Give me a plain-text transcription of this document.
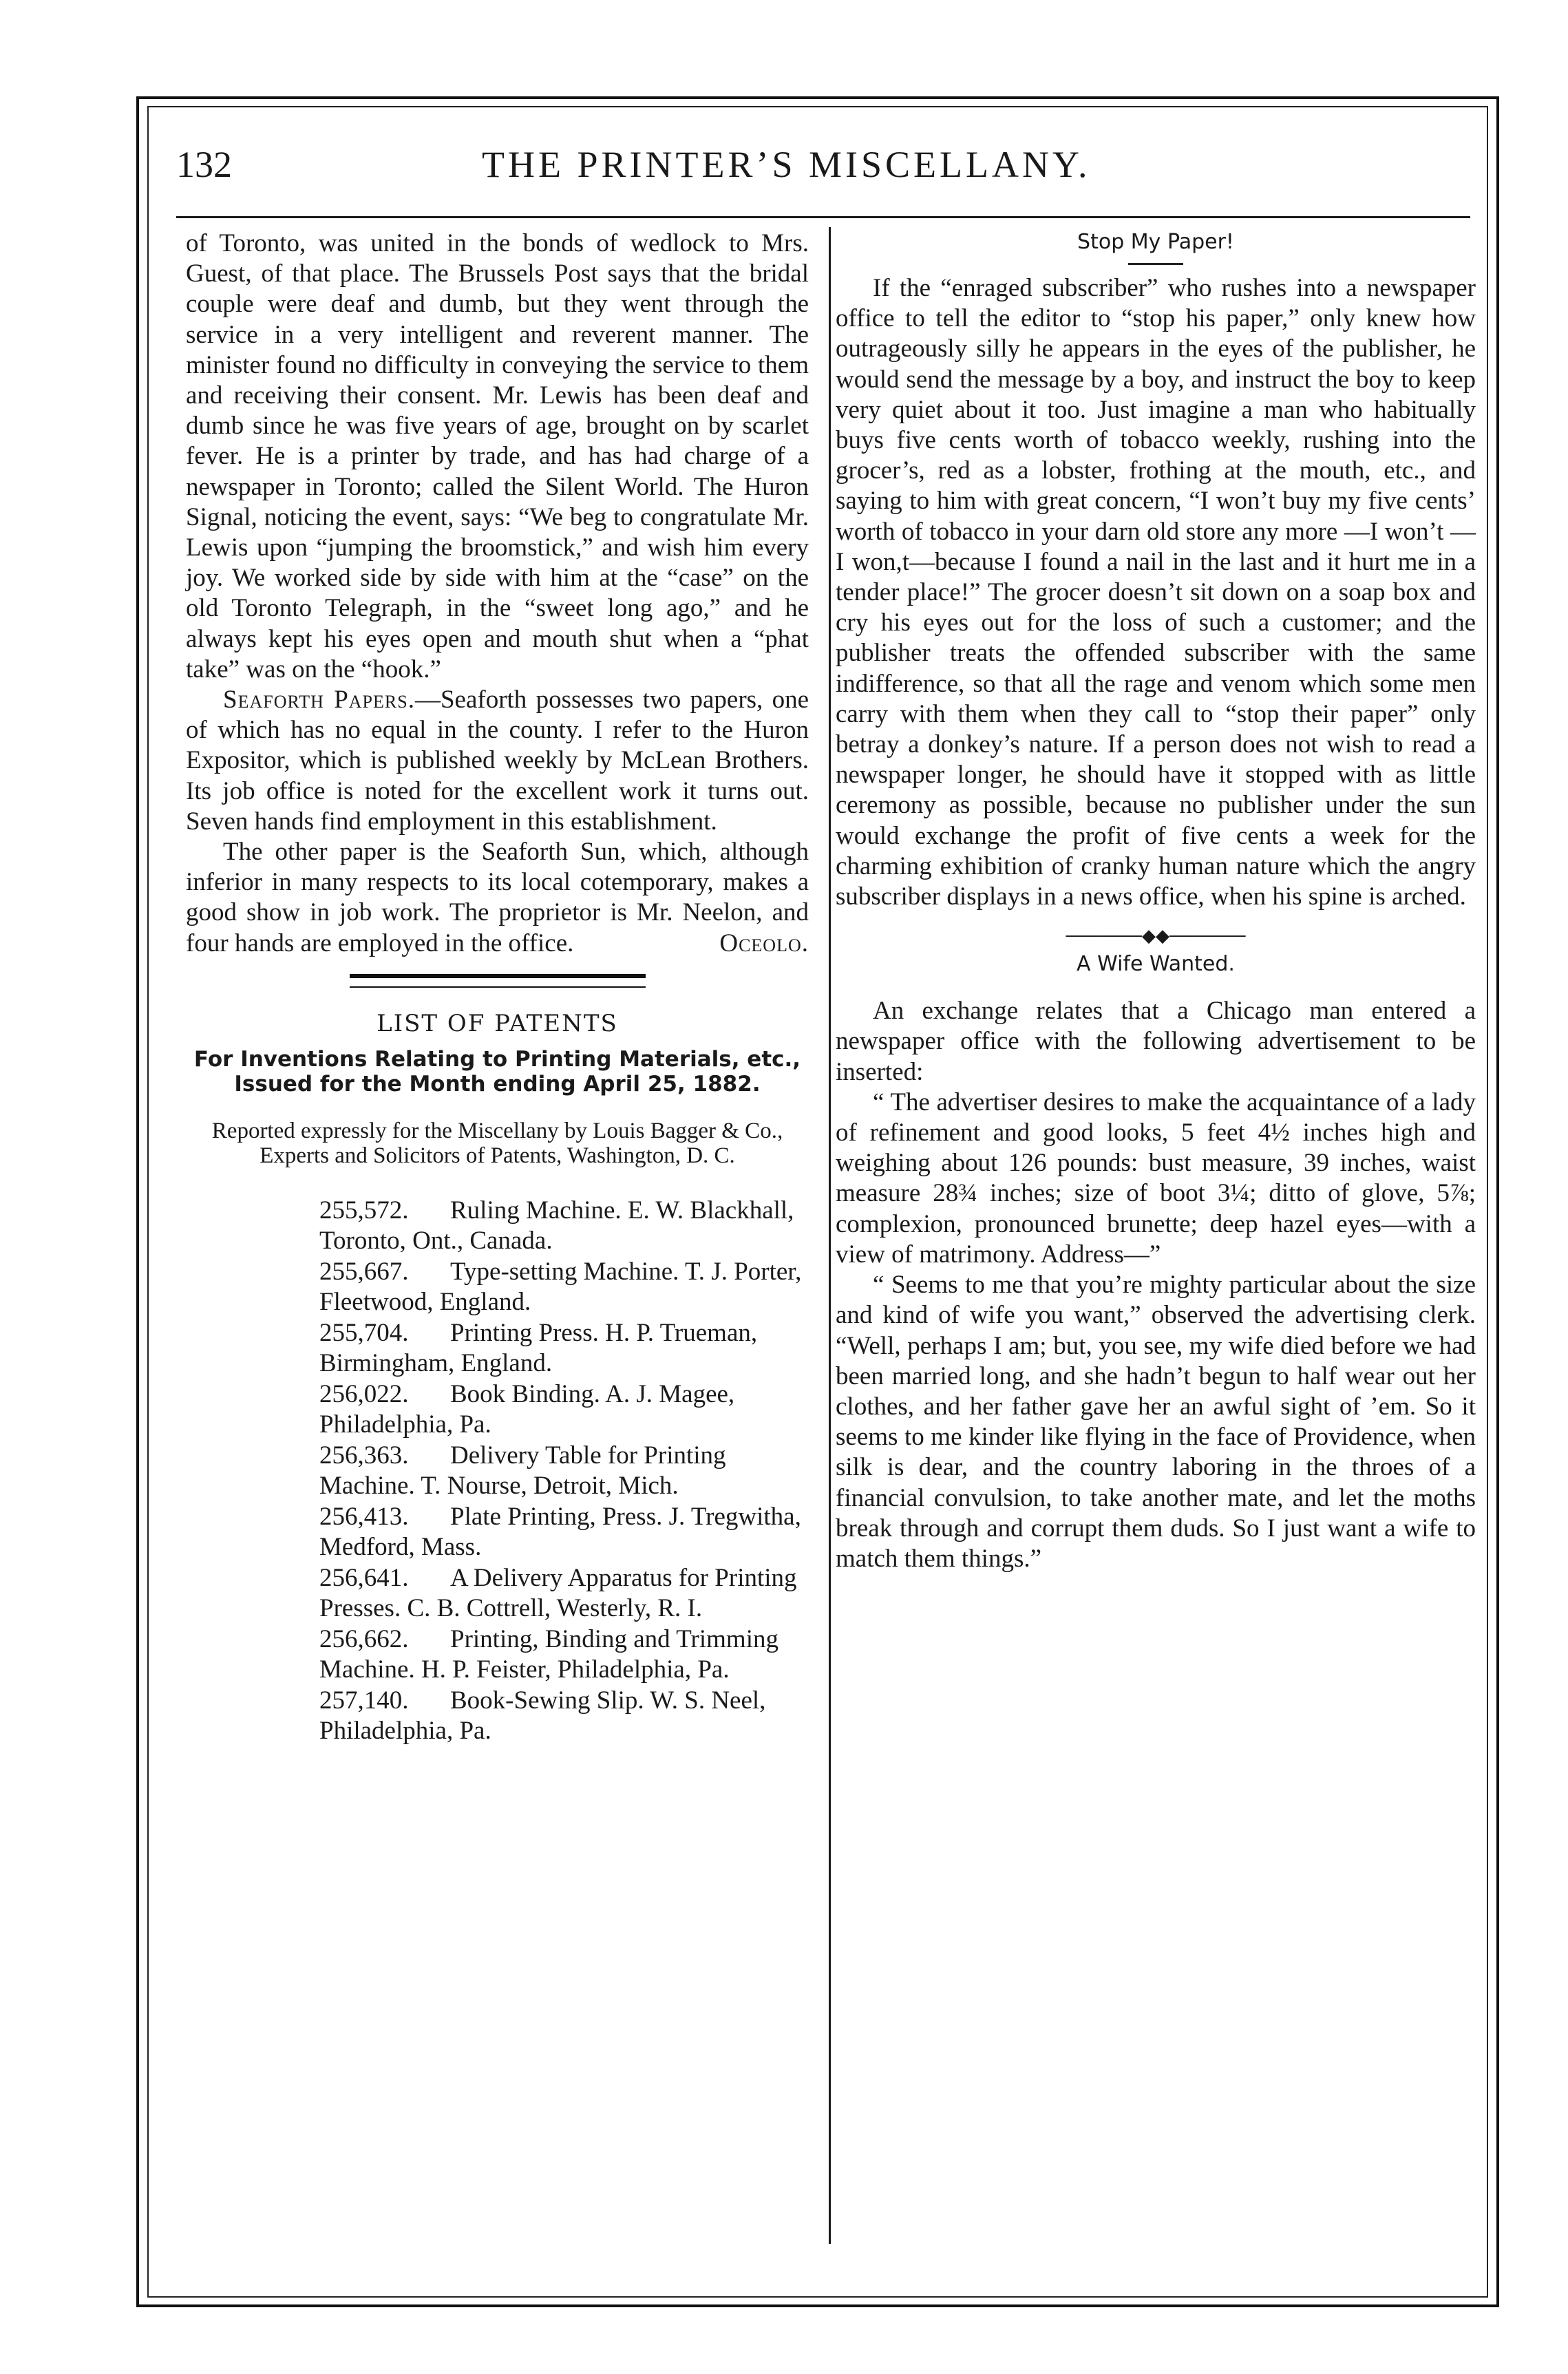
132	THE PRINTER’S MISCELLANY.

of Toronto, was united in the bonds of wedlock to Mrs. Guest, of that place. The Brussels Post says that the bridal couple were deaf and dumb, but they went through the service in a very intelligent and reverent manner. The minister found no difficulty in conveying the service to them and receiving their consent. Mr. Lewis has been deaf and dumb since he was five years of age, brought on by scarlet fever. He is a printer by trade, and has had charge of a newspaper in Toronto; called the Silent World. The Huron Signal, noticing the event, says: “We beg to congratulate Mr. Lewis upon “jumping the broomstick,” and wish him every joy. We worked side by side with him at the “case” on the old Toronto Telegraph, in the “sweet long ago,” and he always kept his eyes open and mouth shut when a “phat take” was on the “hook.”

Seaforth Papers.—Seaforth possesses two papers, one of which has no equal in the county. I refer to the Huron Expositor, which is published weekly by McLean Brothers. Its job office is noted for the excellent work it turns out. Seven hands find employment in this establishment.

The other paper is the Seaforth Sun, which, although inferior in many respects to its local cotemporary, makes a good show in job work. The proprietor is Mr. Neelon, and four hands are employed in the office.	Oceolo.

LIST OF PATENTS
For Inventions Relating to Printing Materials, etc., Issued for the Month ending April 25, 1882.
Reported expressly for the Miscellany by Louis Bagger & Co., Experts and Solicitors of Patents, Washington, D. C.

255,572. Ruling Machine. E. W. Blackhall, Toronto, Ont., Canada.

255,667. Type-setting Machine. T. J. Porter, Fleetwood, England.

255,704. Printing Press. H. P. Trueman, Birmingham, England.

256,022. Book Binding. A. J. Magee, Philadelphia, Pa.

256,363. Delivery Table for Printing Machine. T. Nourse, Detroit, Mich.

256,413. Plate Printing, Press. J. Tregwitha, Medford, Mass.

256,641. A Delivery Apparatus for Printing Presses. C. B. Cottrell, Westerly, R. I.

256,662. Printing, Binding and Trimming Machine. H. P. Feister, Philadelphia, Pa.

257,140. Book-Sewing Slip. W. S. Neel, Philadelphia, Pa.

Stop My Paper!

If the “enraged subscriber” who rushes into a newspaper office to tell the editor to “stop his paper,” only knew how outrageously silly he appears in the eyes of the publisher, he would send the message by a boy, and instruct the boy to keep very quiet about it too. Just imagine a man who habitually buys five cents worth of tobacco weekly, rushing into the grocer’s, red as a lobster, frothing at the mouth, etc., and saying to him with great concern, “I won’t buy my five cents’ worth of tobacco in your darn old store any more —I won’t —I won,t—because I found a nail in the last and it hurt me in a tender place!” The grocer doesn’t sit down on a soap box and cry his eyes out for the loss of such a customer; and the publisher treats the offended subscriber with the same indifference, so that all the rage and venom which some men carry with them when they call to “stop their paper” only betray a donkey’s nature. If a person does not wish to read a newspaper longer, he should have it stopped with as little ceremony as possible, because no publisher under the sun would exchange the profit of five cents a week for the charming exhibition of cranky human nature which the angry subscriber displays in a news office, when his spine is arched.

──────◆◆──────
A Wife Wanted.

An exchange relates that a Chicago man entered a newspaper office with the following advertisement to be inserted:

“ The advertiser desires to make the acquaintance of a lady of refinement and good looks, 5 feet 4½ inches high and weighing about 126 pounds: bust measure, 39 inches, waist measure 28¾ inches; size of boot 3¼; ditto of glove, 5⅞; complexion, pronounced brunette; deep hazel eyes—with a view of matrimony. Address—”

“ Seems to me that you’re mighty particular about the size and kind of wife you want,” observed the advertising clerk. “Well, perhaps I am; but, you see, my wife died before we had been married long, and she hadn’t begun to half wear out her clothes, and her father gave her an awful sight of ’em. So it seems to me kinder like flying in the face of Providence, when silk is dear, and the country laboring in the throes of a financial convulsion, to take another mate, and let the moths break through and corrupt them duds. So I just want a wife to match them things.”
